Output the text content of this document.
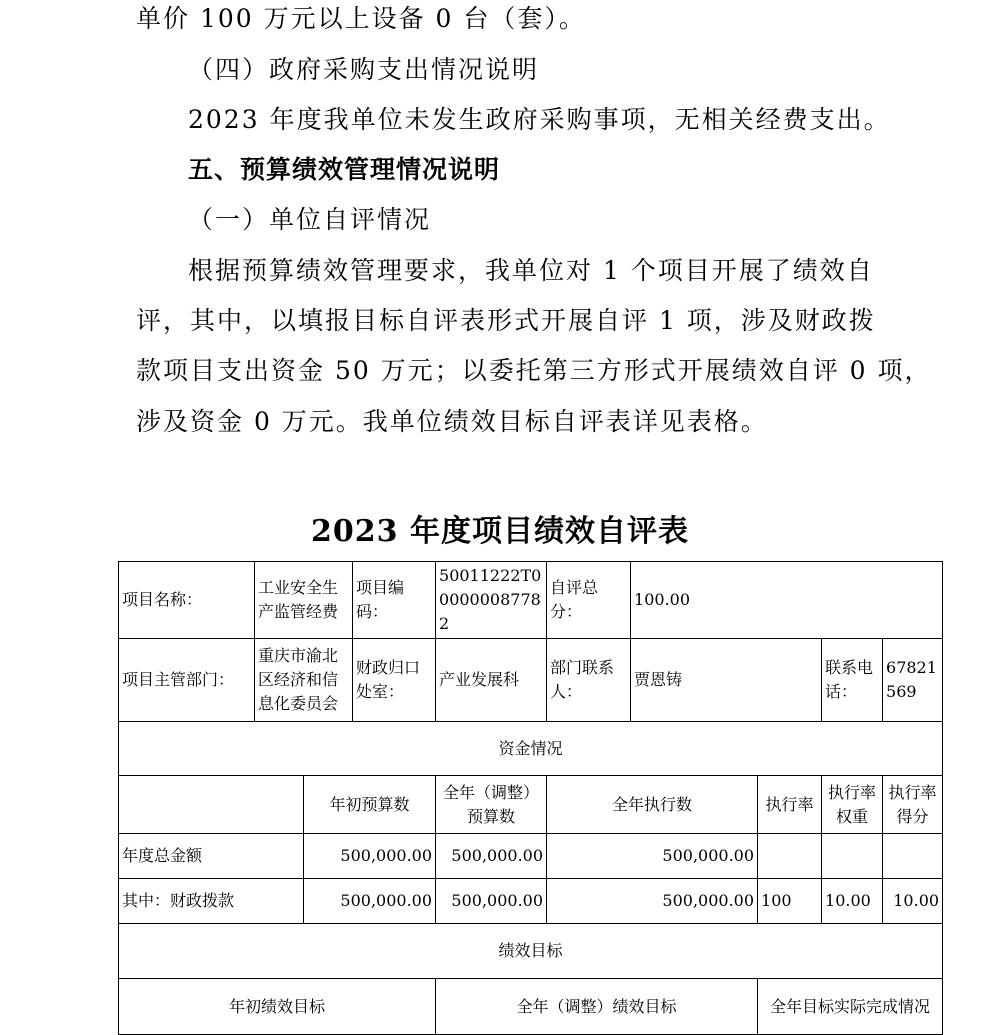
单价 100 万元以上设备 0 台（套）。
（四）政府采购支出情况说明
2023 年度我单位未发生政府采购事项，无相关经费支出。
五、预算绩效管理情况说明
（一）单位自评情况
根据预算绩效管理要求，我单位对 1 个项目开展了绩效自
评，其中，以填报目标自评表形式开展自评 1 项，涉及财政拨
款项目支出资金 50 万元；以委托第三方形式开展绩效自评 0 项，
涉及资金 0 万元。我单位绩效目标自评表详见表格。
2023 年度项目绩效自评表
项目名称：	工业安全生产监管经费		项目编码：	50011222T000000087782	自评总分：	100.00			
项目主管部门：	重庆市渝北区经济和信息化委员会		财政归口处室：	产业发展科	部门联系人：	贾恩铸		联系电话：	67821569
资金情况									
		年初预算数		全年（调整）预算数	全年执行数		执行率	执行率权重	执行率得分
年度总金额		500,000.00		500,000.00	500,000.00				
其中：财政拨款		500,000.00		500,000.00	500,000.00		100	10.00	10.00
绩效目标									
年初绩效目标				全年（调整）绩效目标			全年目标实际完成情况		
